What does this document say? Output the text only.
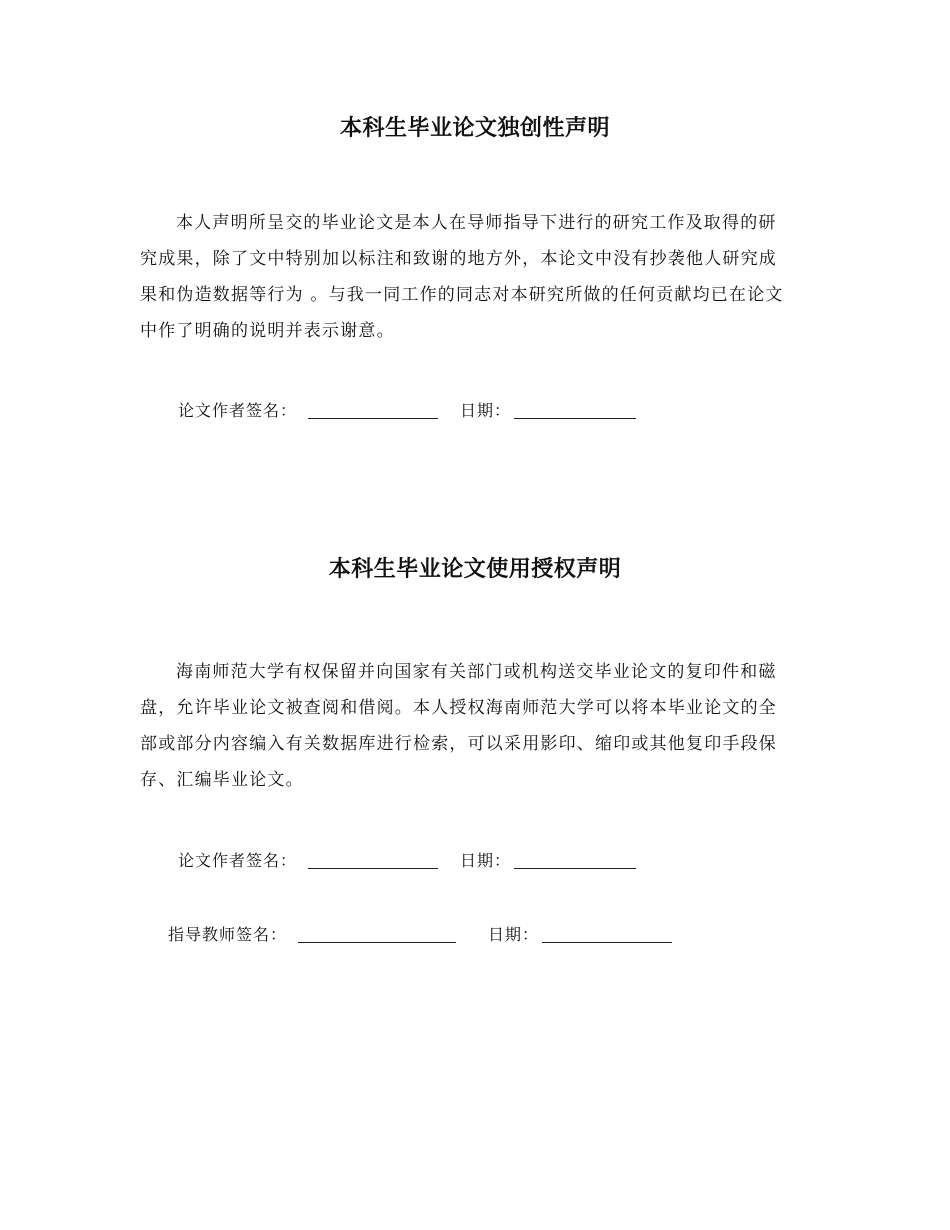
本科生毕业论文独创性声明
本人声明所呈交的毕业论文是本人在导师指导下进行的研究工作及取得的研
究成果，除了文中特别加以标注和致谢的地方外，本论文中没有抄袭他人研究成
果和伪造数据等行为 。与我一同工作的同志对本研究所做的任何贡献均已在论文
中作了明确的说明并表示谢意。
论文作者签名：	日期：
本科生毕业论文使用授权声明
海南师范大学有权保留并向国家有关部门或机构送交毕业论文的复印件和磁
盘，允许毕业论文被查阅和借阅。本人授权海南师范大学可以将本毕业论文的全
部或部分内容编入有关数据库进行检索，可以采用影印、缩印或其他复印手段保
存、汇编毕业论文。
论文作者签名：	日期：
指导教师签名：	日期：
